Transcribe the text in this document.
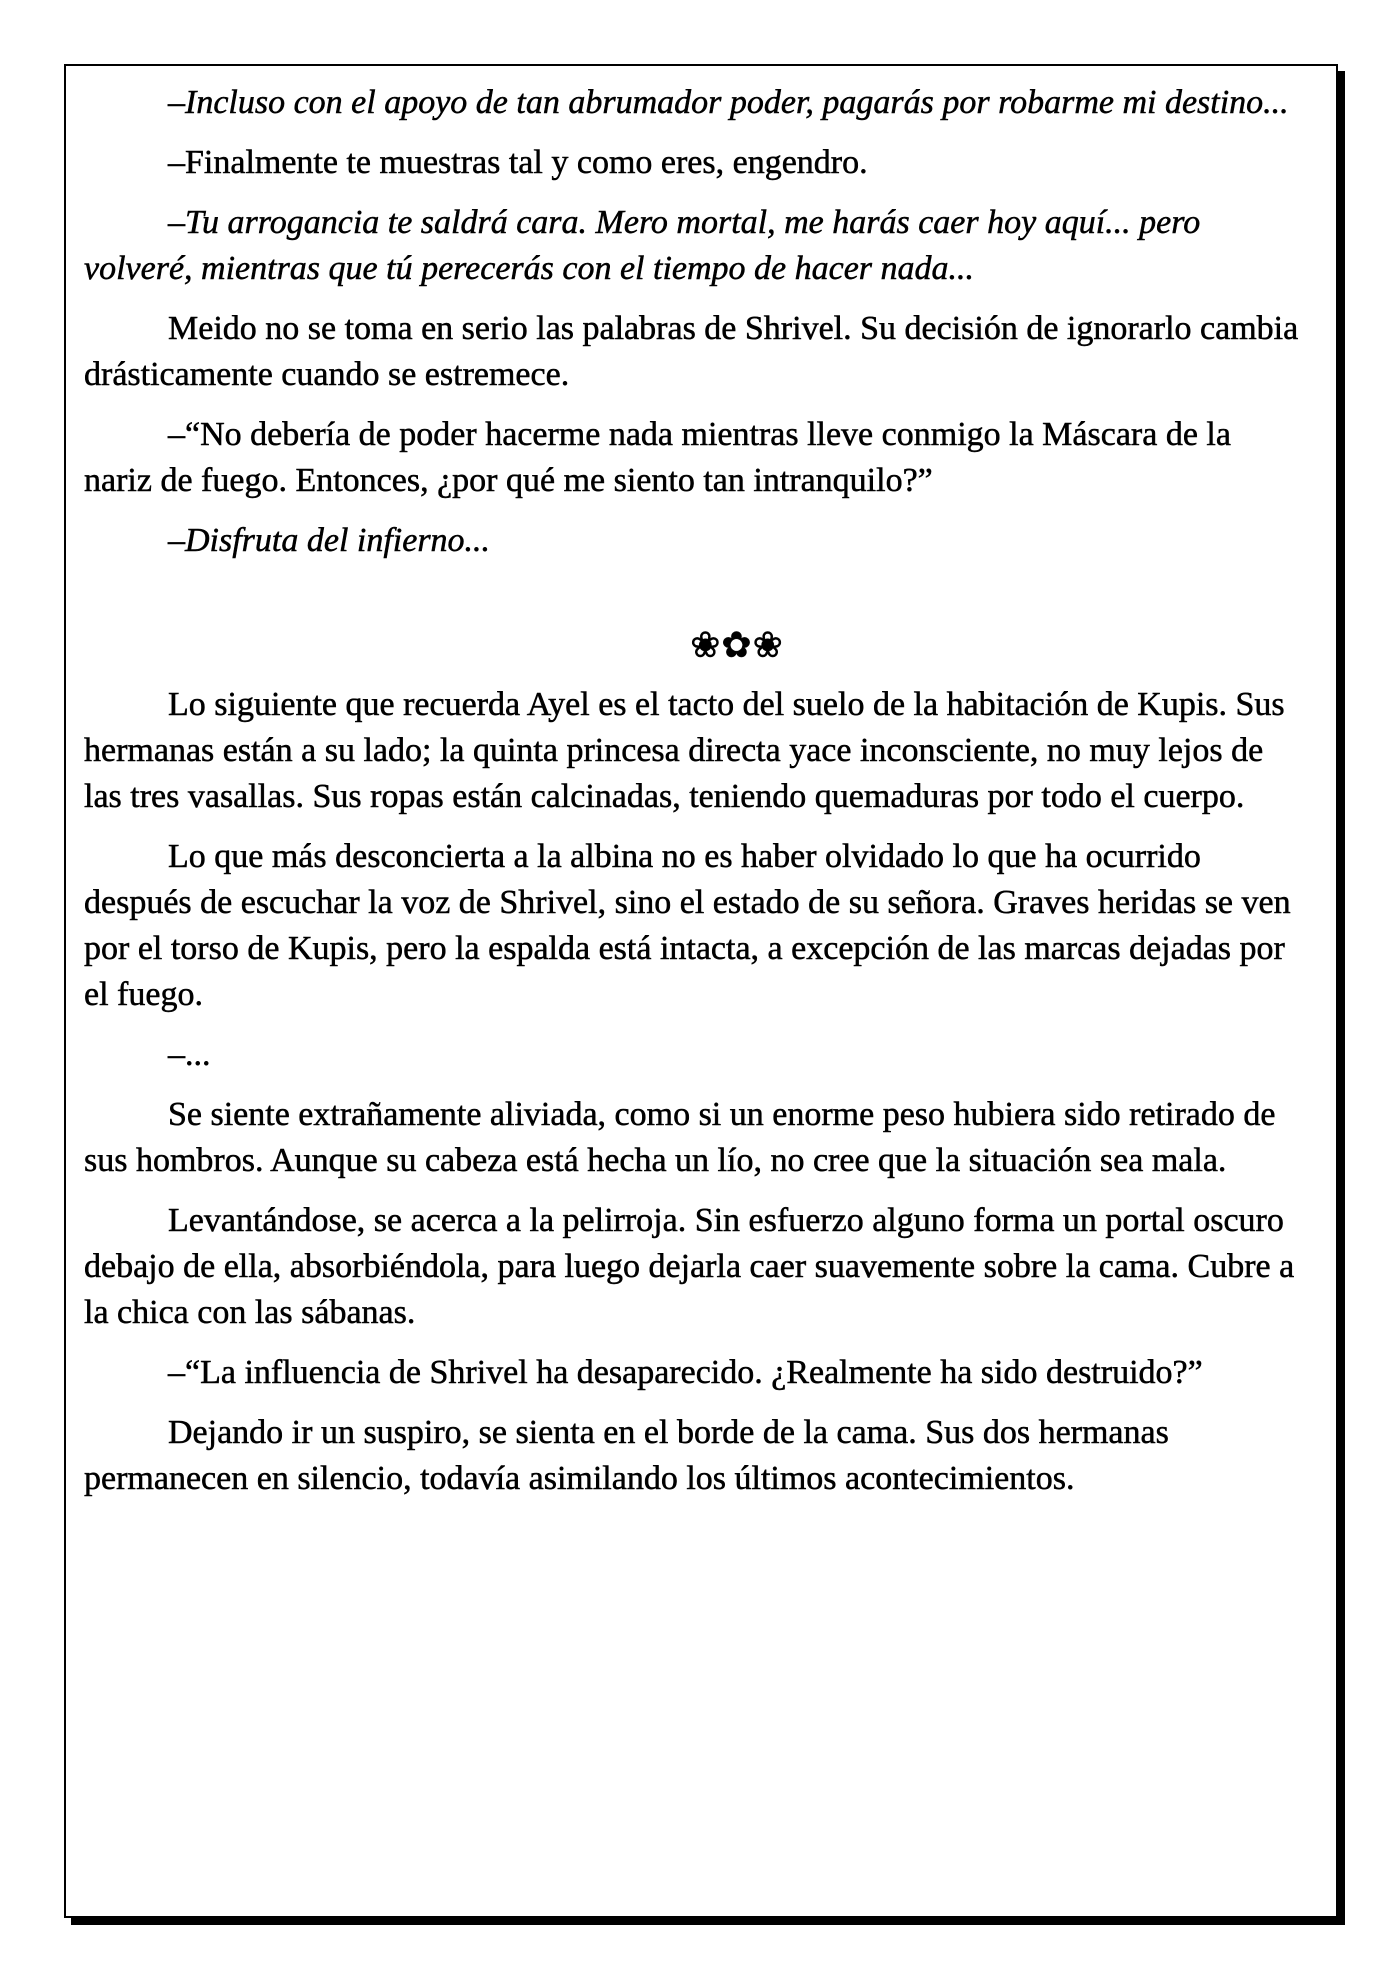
–Incluso con el apoyo de tan abrumador poder, pagarás por robarme mi destino...

–Finalmente te muestras tal y como eres, engendro.

–Tu arrogancia te saldrá cara. Mero mortal, me harás caer hoy aquí... pero volveré, mientras que tú perecerás con el tiempo de hacer nada...

Meido no se toma en serio las palabras de Shrivel. Su decisión de ignorarlo cambia drásticamente cuando se estremece.

–“No debería de poder hacerme nada mientras lleve conmigo la Máscara de la nariz de fuego. Entonces, ¿por qué me siento tan intranquilo?”

–Disfruta del infierno...

❀✿❀

Lo siguiente que recuerda Ayel es el tacto del suelo de la habitación de Kupis. Sus hermanas están a su lado; la quinta princesa directa yace inconsciente, no muy lejos de las tres vasallas. Sus ropas están calcinadas, teniendo quemaduras por todo el cuerpo.

Lo que más desconcierta a la albina no es haber olvidado lo que ha ocurrido después de escuchar la voz de Shrivel, sino el estado de su señora. Graves heridas se ven por el torso de Kupis, pero la espalda está intacta, a excepción de las marcas dejadas por el fuego.

–...

Se siente extrañamente aliviada, como si un enorme peso hubiera sido retirado de sus hombros. Aunque su cabeza está hecha un lío, no cree que la situación sea mala.

Levantándose, se acerca a la pelirroja. Sin esfuerzo alguno forma un portal oscuro debajo de ella, absorbiéndola, para luego dejarla caer suavemente sobre la cama. Cubre a la chica con las sábanas.

–“La influencia de Shrivel ha desaparecido. ¿Realmente ha sido destruido?”

Dejando ir un suspiro, se sienta en el borde de la cama. Sus dos hermanas permanecen en silencio, todavía asimilando los últimos acontecimientos.
